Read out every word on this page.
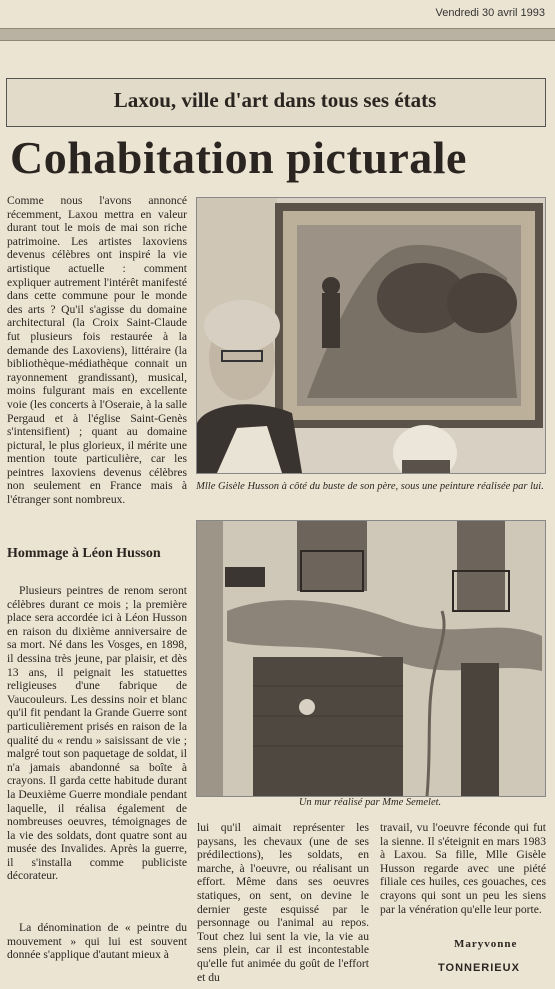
Vendredi 30 avril 1993
Laxou, ville d'art dans tous ses états
Cohabitation picturale
Comme nous l'avons annoncé récemment, Laxou mettra en valeur durant tout le mois de mai son riche patrimoine. Les artistes laxoviens devenus célèbres ont inspiré la vie artistique actuelle : comment expliquer autrement l'intérêt manifesté dans cette commune pour le monde des arts ? Qu'il s'agisse du domaine architectural (la Croix Saint-Claude fut plusieurs fois restaurée à la demande des Laxoviens), littéraire (la bibliothèque-médiathèque connait un rayonnement grandissant), musical, moins fulgurant mais en excellente voie (les concerts à l'Oseraie, à la salle Pergaud et à l'église Saint-Genès s'intensifient) ; quant au domaine pictural, le plus glorieux, il mérite une mention toute particulière, car les peintres laxoviens devenus célèbres non seulement en France mais à l'étranger sont nombreux.
Hommage à Léon Husson
Plusieurs peintres de renom seront célèbres durant ce mois ; la première place sera accordée ici à Léon Husson en raison du dixième anniversaire de sa mort. Né dans les Vosges, en 1898, il dessina très jeune, par plaisir, et dès 13 ans, il peignait les statuettes religieuses d'une fabrique de Vaucouleurs. Les dessins noir et blanc qu'il fit pendant la Grande Guerre sont particulièrement prisés en raison de la qualité du « rendu » saisissant de vie ; malgré tout son paquetage de soldat, il n'a jamais abandonné sa boîte à crayons. Il garda cette habitude durant la Deuxième Guerre mondiale pendant laquelle, il réalisa également de nombreuses oeuvres, témoignages de la vie des soldats, dont quatre sont au musée des Invalides. Après la guerre, il s'installa comme publiciste décorateur.
La dénomination de « peintre du mouvement » qui lui est souvent donnée s'applique d'autant mieux à
Mlle Gisèle Husson à côté du buste de son père, sous une peinture réalisée par lui.
Un mur réalisé par Mme Semelet.
lui qu'il aimait représenter les paysans, les chevaux (une de ses prédilections), les soldats, en marche, à l'oeuvre, ou réalisant un effort. Même dans ses oeuvres statiques, on sent, on devine le dernier geste esquissé par le personnage ou l'animal au repos. Tout chez lui sent la vie, la vie au sens plein, car il est incontestable qu'elle fut animée du goût de l'effort et du
travail, vu l'oeuvre féconde qui fut la sienne. Il s'éteignit en mars 1983 à Laxou. Sa fille, Mlle Gisèle Husson regarde avec une piété filiale ces huiles, ces gouaches, ces crayons qui sont un peu les siens par la vénération qu'elle leur porte.
Maryvonne
TONNERIEUX
